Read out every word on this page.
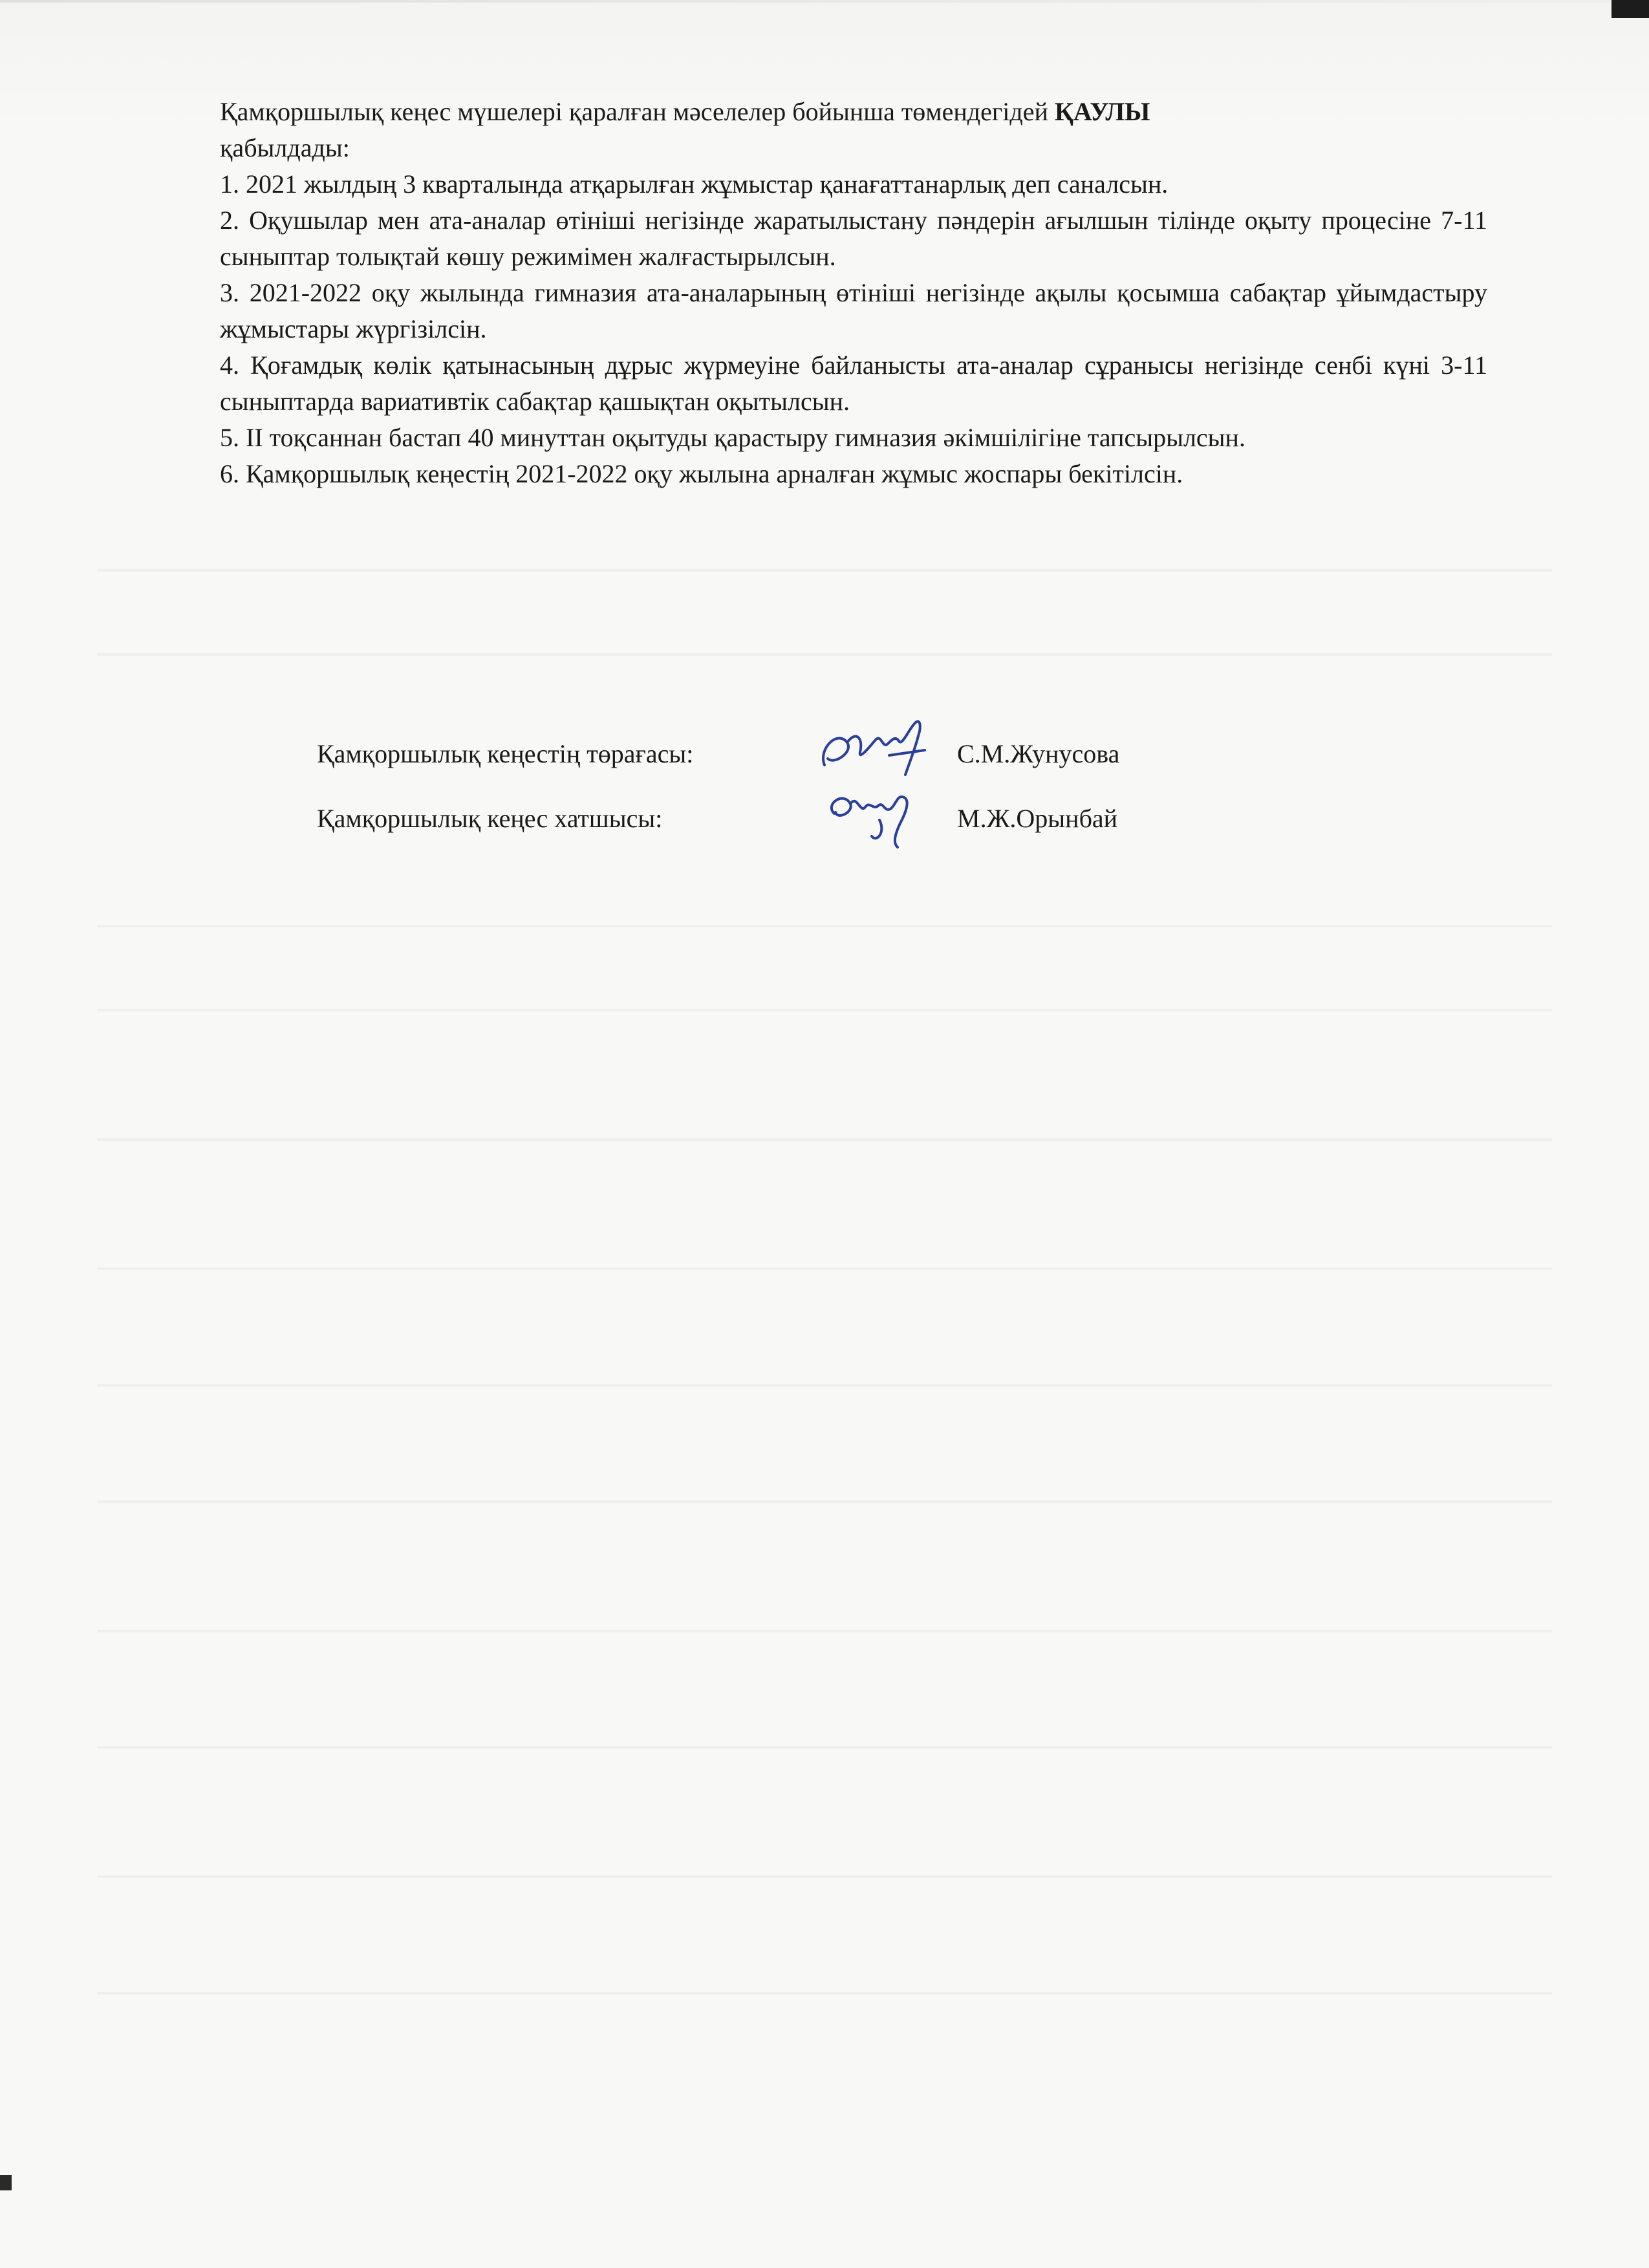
Қамқоршылық кеңес мүшелері қаралған мәселелер бойынша төмендегідей ҚАУЛЫ
қабылдады:

1. 2021 жылдың 3 кварталында атқарылған жұмыстар қанағаттанарлық деп саналсын.

2. Оқушылар мен ата-аналар өтініші негізінде жаратылыстану пәндерін ағылшын тілінде оқыту процесіне 7-11 сыныптар толықтай көшу режимімен жалғастырылсын.

3. 2021-2022 оқу жылында гимназия ата-аналарының өтініші негізінде ақылы қосымша сабақтар ұйымдастыру жұмыстары жүргізілсін.

4. Қоғамдық көлік қатынасының дұрыс жүрмеуіне байланысты ата-аналар сұранысы негізінде сенбі күні 3-11 сыныптарда вариативтік сабақтар қашықтан оқытылсын.

5. ІІ тоқсаннан бастап 40 минуттан оқытуды қарастыру гимназия әкімшілігіне тапсырылсын.

6. Қамқоршылық кеңестің 2021-2022 оқу жылына арналған жұмыс жоспары бекітілсін.

Қамқоршылық кеңестің төрағасы:	С.М.Жунусова
Қамқоршылық кеңес хатшысы:	М.Ж.Орынбай
